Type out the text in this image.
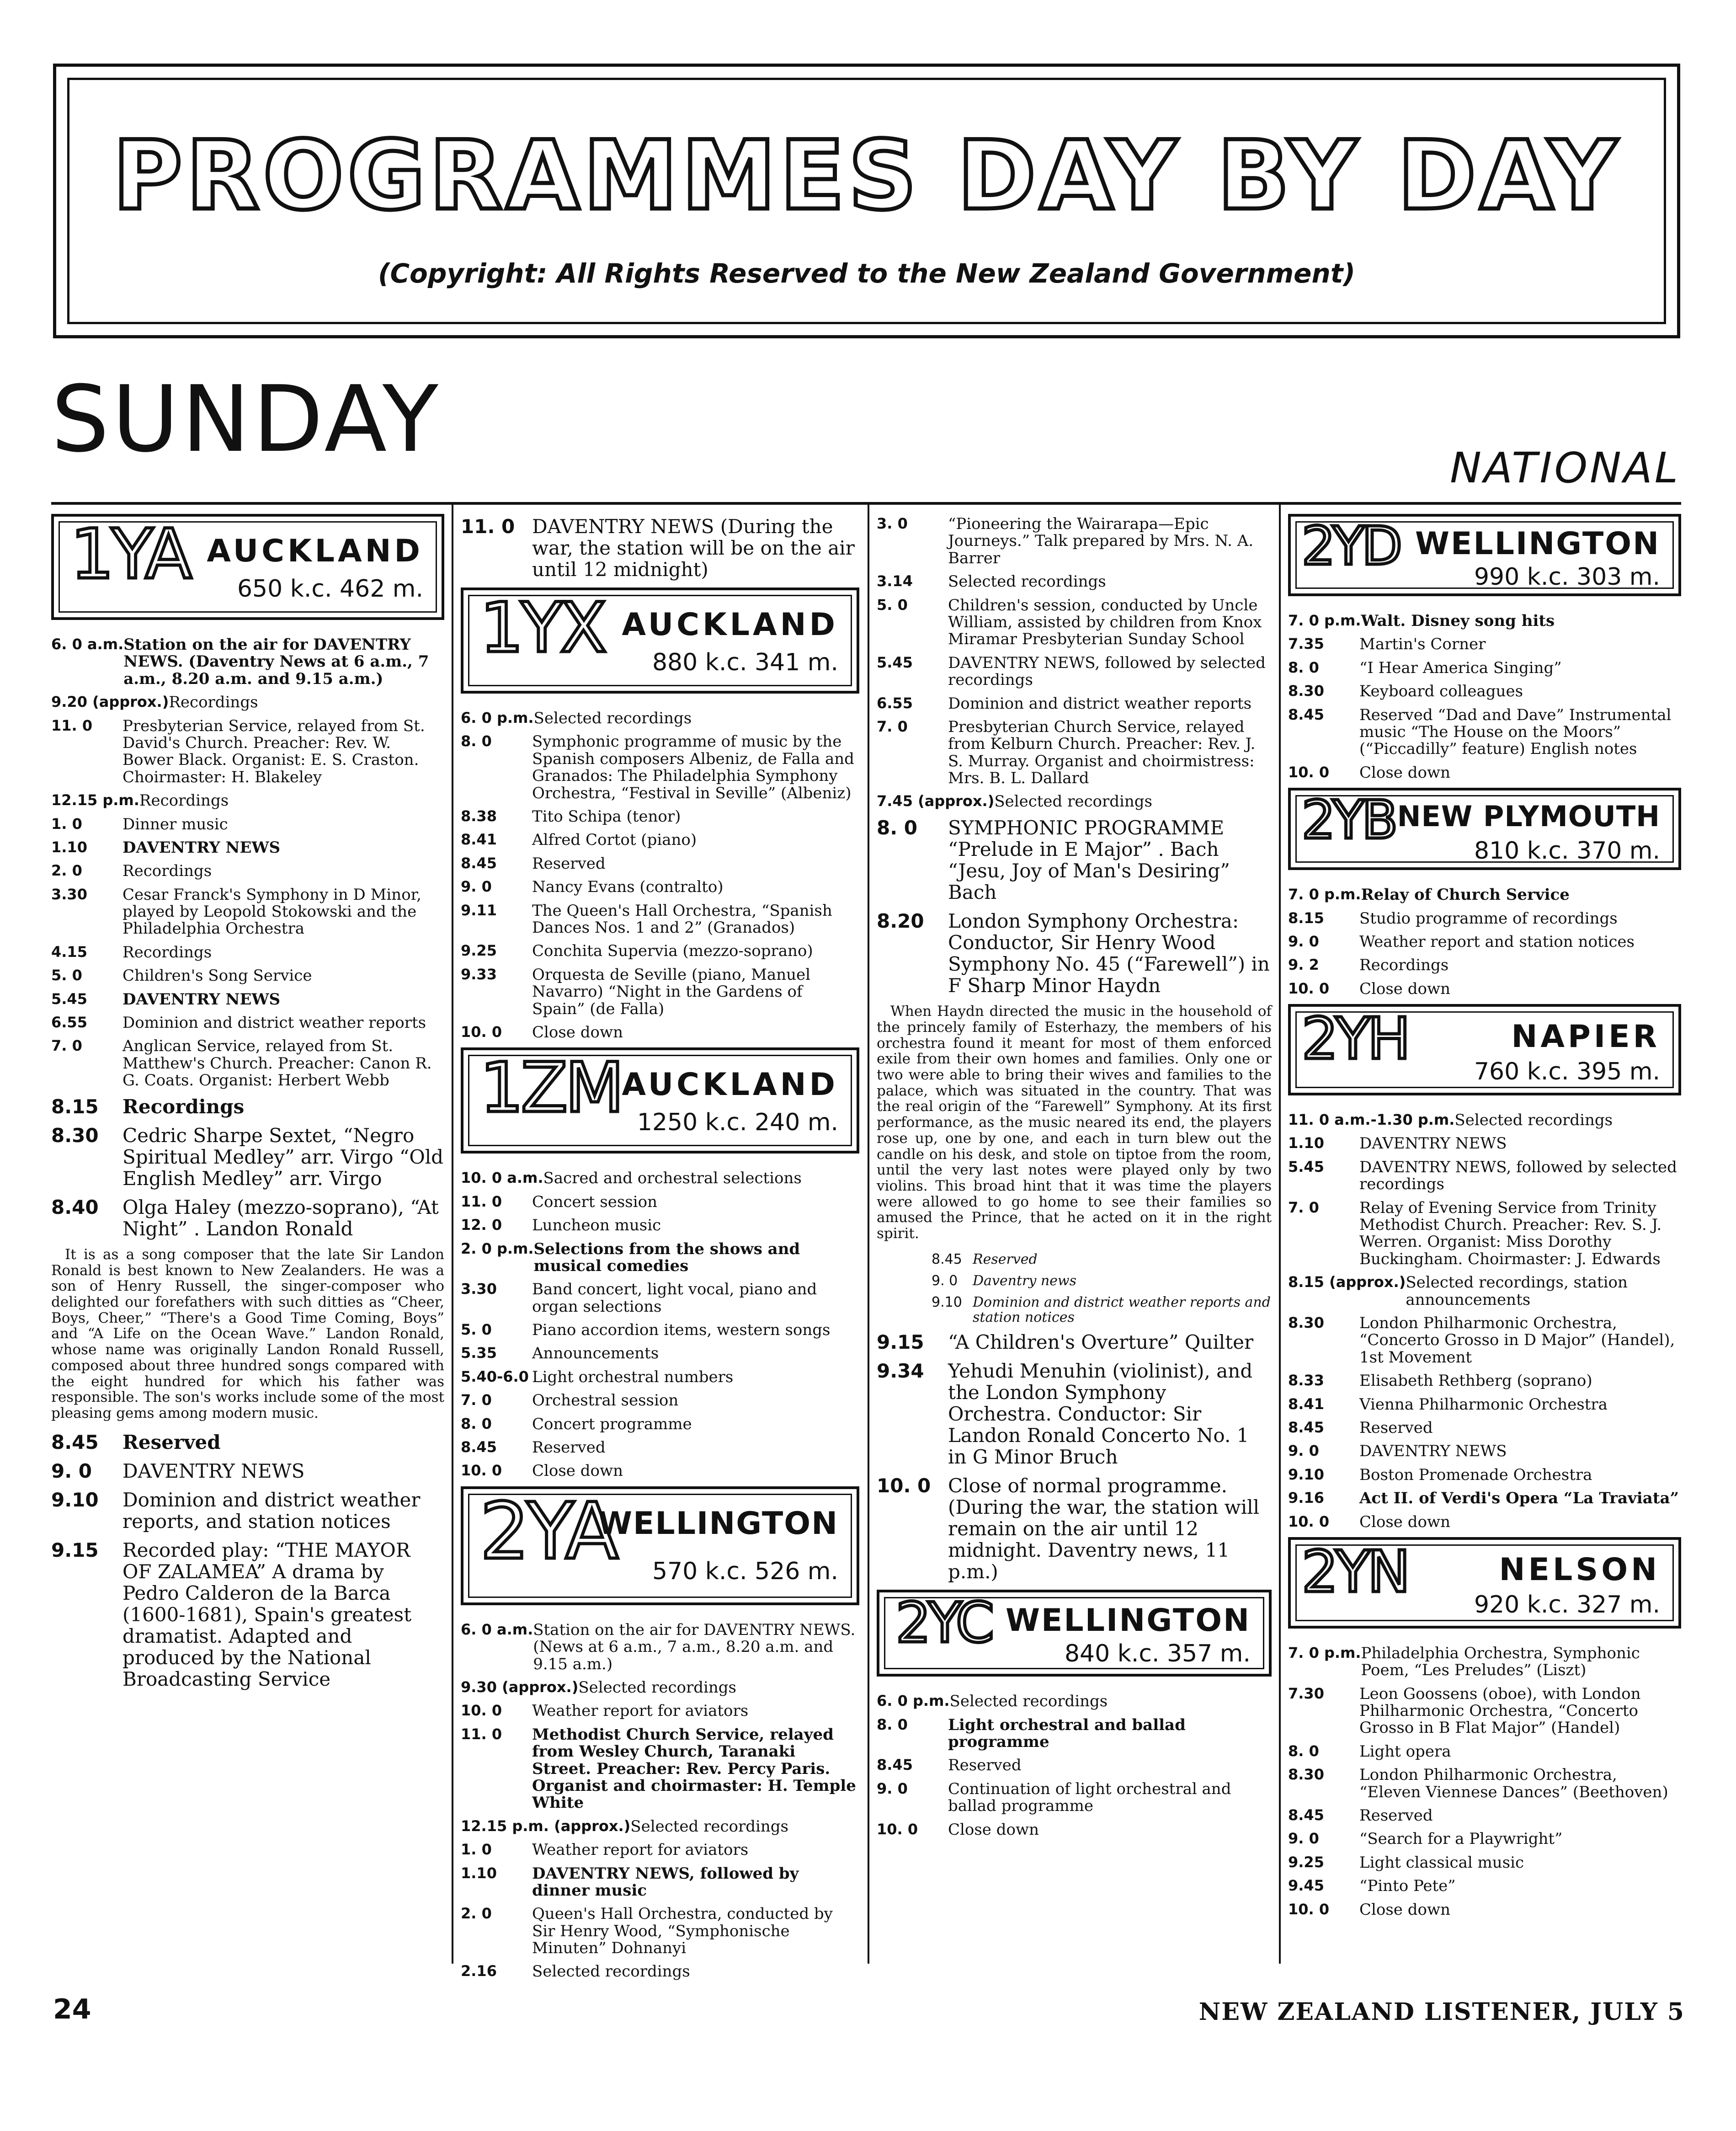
PROGRAMMES DAY BY DAY
(Copyright: All Rights Reserved to the New Zealand Government)
SUNDAY	NATIONAL
1YA AUCKLAND
650 k.c. 462 m.
6. 0 a.m. Station on the air for DAVENTRY NEWS. (Daventry News at 6 a.m., 7 a.m., 8.20 a.m. and 9.15 a.m.)
9.20 (approx.) Recordings
11. 0	Presbyterian Service, relayed from St. David's Church. Preacher: Rev. W. Bower Black. Organist: E. S. Craston. Choirmaster: H. Blakeley
12.15 p.m. Recordings
1. 0	Dinner music
1.10	DAVENTRY NEWS
2. 0	Recordings
3.30	Cesar Franck's Symphony in D Minor, played by Leopold Stokowski and the Philadelphia Orchestra
4.15	Recordings
5. 0	Children's Song Service
5.45	DAVENTRY NEWS
6.55	Dominion and district weather reports
7. 0	Anglican Service, relayed from St. Matthew's Church. Preacher: Canon R. G. Coats. Organist: Herbert Webb
8.15	Recordings
8.30	Cedric Sharpe Sextet, “Negro Spiritual Medley” arr. Virgo “Old English Medley” arr. Virgo
8.40	Olga Haley (mezzo-soprano), “At Night” . Landon Ronald
It is as a song composer that the late Sir Landon Ronald is best known to New Zealanders. He was a son of Henry Russell, the singer-composer who delighted our forefathers with such ditties as “Cheer, Boys, Cheer,” “There's a Good Time Coming, Boys” and “A Life on the Ocean Wave.” Landon Ronald, whose name was originally Landon Ronald Russell, composed about three hundred songs compared with the eight hundred for which his father was responsible. The son's works include some of the most pleasing gems among modern music.
8.45	Reserved
9. 0	DAVENTRY NEWS
9.10	Dominion and district weather reports, and station notices
9.15	Recorded play: “THE MAYOR OF ZALAMEA” A drama by Pedro Calderon de la Barca (1600-1681), Spain's greatest dramatist. Adapted and produced by the National Broadcasting Service
11. 0 DAVENTRY NEWS (During the war, the station will be on the air until 12 midnight)
1YX AUCKLAND
880 k.c. 341 m.
6. 0 p.m. Selected recordings
8. 0	Symphonic programme of music by the Spanish composers Albeniz, de Falla and Granados: The Philadelphia Symphony Orchestra, “Festival in Seville” (Albeniz)
8.38	Tito Schipa (tenor)
8.41	Alfred Cortot (piano)
8.45	Reserved
9. 0	Nancy Evans (contralto)
9.11	The Queen's Hall Orchestra, “Spanish Dances Nos. 1 and 2” (Granados)
9.25	Conchita Supervia (mezzo-soprano)
9.33	Orquesta de Seville (piano, Manuel Navarro) “Night in the Gardens of Spain” (de Falla)
10. 0	Close down
1ZM AUCKLAND
1250 k.c. 240 m.
10. 0 a.m. Sacred and orchestral selections
11. 0	Concert session
12. 0	Luncheon music
2. 0 p.m. Selections from the shows and musical comedies
3.30	Band concert, light vocal, piano and organ selections
5. 0	Piano accordion items, western songs
5.35	Announcements
5.40-6.0 Light orchestral numbers
7. 0	Orchestral session
8. 0	Concert programme
8.45	Reserved
10. 0	Close down
2YA
WELLINGTON
570 k.c. 526 m.
6. 0 a.m. Station on the air for DAVENTRY NEWS. (News at 6 a.m., 7 a.m., 8.20 a.m. and 9.15 a.m.)
9.30 (approx.) Selected recordings
10. 0	Weather report for aviators
11. 0	Methodist Church Service, relayed from Wesley Church, Taranaki Street. Preacher: Rev. Percy Paris. Organist and choirmaster: H. Temple White
12.15 p.m. (approx.) Selected recordings
1. 0	Weather report for aviators
1.10	DAVENTRY NEWS, followed by dinner music
2. 0	Queen's Hall Orchestra, conducted by Sir Henry Wood, “Symphonische Minuten” Dohnanyi
2.16	Selected recordings
3. 0	“Pioneering the Wairarapa—Epic Journeys.” Talk prepared by Mrs. N. A. Barrer
3.14	Selected recordings
5. 0	Children's session, conducted by Uncle William, assisted by children from Knox Miramar Presbyterian Sunday School
5.45	DAVENTRY NEWS, followed by selected recordings
6.55	Dominion and district weather reports
7. 0	Presbyterian Church Service, relayed from Kelburn Church. Preacher: Rev. J. S. Murray. Organist and choirmistress: Mrs. B. L. Dallard
7.45 (approx.) Selected recordings
8. 0	SYMPHONIC PROGRAMME “Prelude in E Major” . Bach “Jesu, Joy of Man's Desiring” Bach
8.20	London Symphony Orchestra: Conductor, Sir Henry Wood Symphony No. 45 (“Farewell”) in F Sharp Minor Haydn
When Haydn directed the music in the household of the princely family of Esterhazy, the members of his orchestra found it meant for most of them enforced exile from their own homes and families. Only one or two were able to bring their wives and families to the palace, which was situated in the country. That was the real origin of the “Farewell” Symphony. At its first performance, as the music neared its end, the players rose up, one by one, and each in turn blew out the candle on his desk, and stole on tiptoe from the room, until the very last notes were played only by two violins. This broad hint that it was time the players were allowed to go home to see their families so amused the Prince, that he acted on it in the right spirit.
8.45 Reserved
9. 0	Daventry news
9.10 Dominion and district weather reports and station notices
9.15	“A Children's Overture” Quilter
9.34	Yehudi Menuhin (violinist), and the London Symphony Orchestra. Conductor: Sir Landon Ronald Concerto No. 1 in G Minor Bruch
10. 0 Close of normal programme. (During the war, the station will remain on the air until 12 midnight. Daventry news, 11 p.m.)
2YC WELLINGTON
840 k.c. 357 m.
6. 0 p.m. Selected recordings
8. 0	Light orchestral and ballad programme
8.45	Reserved
9. 0	Continuation of light orchestral and ballad programme
10. 0	Close down
2YD WELLINGTON
990 k.c. 303 m.
7. 0 p.m. Walt. Disney song hits
7.35	Martin's Corner
8. 0	“I Hear America Singing”
8.30	Keyboard colleagues
8.45	Reserved “Dad and Dave” Instrumental music “The House on the Moors” (“Piccadilly” feature) English notes
10. 0	Close down
2YB NEW PLYMOUTH
810 k.c. 370 m.
7. 0 p.m. Relay of Church Service
8.15	Studio programme of recordings
9. 0	Weather report and station notices
9. 2	Recordings
10. 0	Close down
2YH	NAPIER
760 k.c. 395 m.
11. 0 a.m.-1.30 p.m. Selected recordings
1.10	DAVENTRY NEWS
5.45	DAVENTRY NEWS, followed by selected recordings
7. 0	Relay of Evening Service from Trinity Methodist Church. Preacher: Rev. S. J. Werren. Organist: Miss Dorothy Buckingham. Choirmaster: J. Edwards
8.15 (approx.) Selected recordings, station announcements
8.30	London Philharmonic Orchestra, “Concerto Grosso in D Major” (Handel), 1st Movement
8.33	Elisabeth Rethberg (soprano)
8.41	Vienna Philharmonic Orchestra
8.45	Reserved
9. 0	DAVENTRY NEWS
9.10	Boston Promenade Orchestra
9.16	Act II. of Verdi's Opera “La Traviata”
10. 0	Close down
2YN	NELSON
920 k.c. 327 m.
7. 0 p.m. Philadelphia Orchestra, Symphonic Poem, “Les Preludes” (Liszt)
7.30	Leon Goossens (oboe), with London Philharmonic Orchestra, “Concerto Grosso in B Flat Major” (Handel)
8. 0	Light opera
8.30	London Philharmonic Orchestra, “Eleven Viennese Dances” (Beethoven)
8.45	Reserved
9. 0	“Search for a Playwright”
9.25	Light classical music
9.45	“Pinto Pete”
10. 0	Close down
24	NEW ZEALAND LISTENER, JULY 5
